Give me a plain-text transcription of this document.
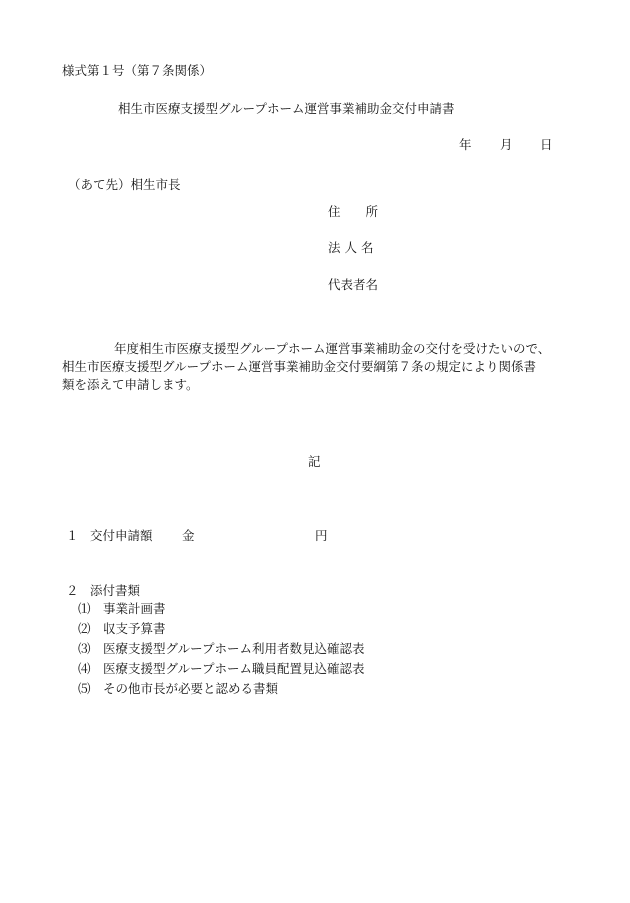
様式第１号（第７条関係）
相生市医療支援型グループホーム運営事業補助金交付申請書
年 月 日
（あて先）相生市長
住　　所
法 人 名
代表者名
年度相生市医療支援型グループホーム運営事業補助金の交付を受けたいので、
相生市医療支援型グループホーム運営事業補助金交付要綱第７条の規定により関係書
類を添えて申請します。
記
１ 交付申請額 金	円
２ 添付書類
⑴　事業計画書
⑵　収支予算書
⑶　医療支援型グループホーム利用者数見込確認表
⑷　医療支援型グループホーム職員配置見込確認表
⑸　その他市長が必要と認める書類
